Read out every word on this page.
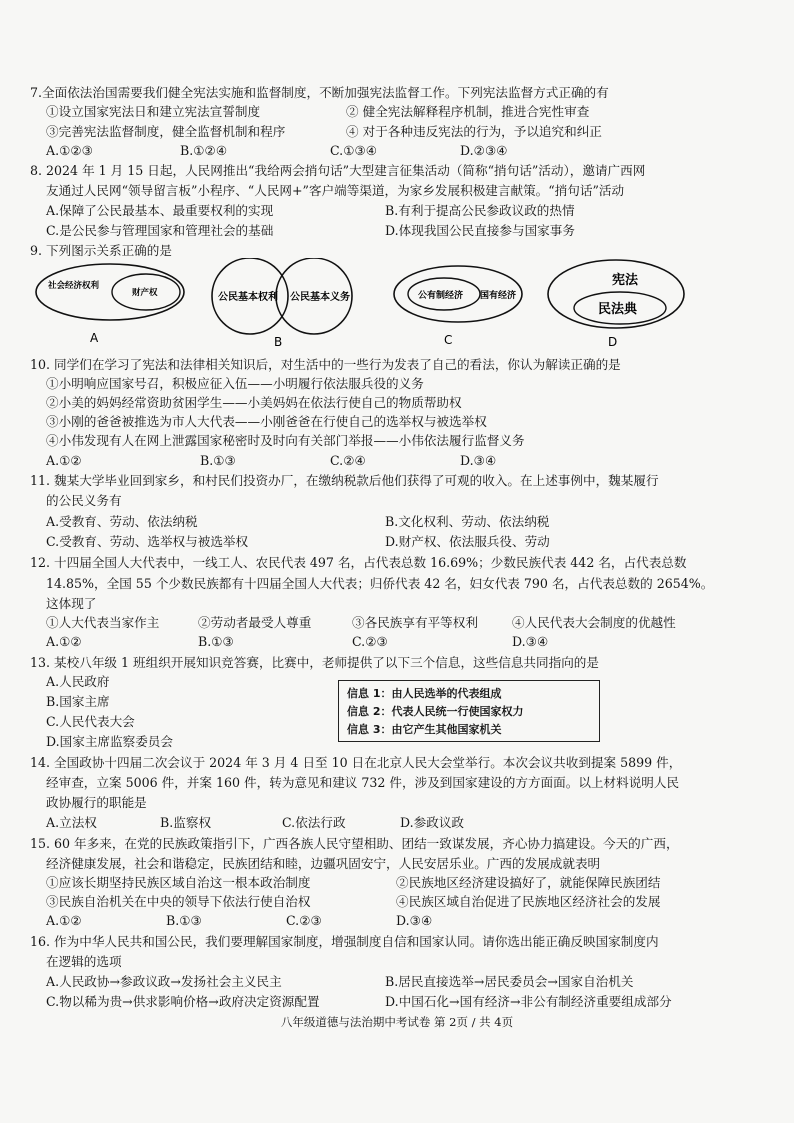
7.全面依法治国需要我们健全宪法实施和监督制度，不断加强宪法监督工作。下列宪法监督方式正确的有
①设立国家宪法日和建立宪法宣誓制度	② 健全宪法解释程序机制，推进合宪性审查
③完善宪法监督制度，健全监督机制和程序	④ 对于各种违反宪法的行为，予以追究和纠正
A.①②③	B.①②④	C.①③④	D.②③④
8. 2024 年 1 月 15 日起，人民网推出“我给两会捎句话”大型建言征集活动（简称“捎句话”活动），邀请广西网
友通过人民网“领导留言板”小程序、“人民网+”客户端等渠道，为家乡发展积极建言献策。“捎句话”活动
A.保障了公民最基本、最重要权利的实现	B.有利于提高公民参政议政的热情
C.是公民参与管理国家和管理社会的基础	D.体现我国公民直接参与国家事务
9. 下列图示关系正确的是
社会经济权利
财产权
A
公民基本权利 公民基本义务
B
公有制经济 国有经济
C
宪法
民法典
D
10. 同学们在学习了宪法和法律相关知识后，对生活中的一些行为发表了自己的看法，你认为解读正确的是
①小明响应国家号召，积极应征入伍——小明履行依法服兵役的义务
②小美的妈妈经常资助贫困学生——小美妈妈在依法行使自己的物质帮助权
③小刚的爸爸被推选为市人大代表——小刚爸爸在行使自己的选举权与被选举权
④小伟发现有人在网上泄露国家秘密时及时向有关部门举报——小伟依法履行监督义务
A.①②	B.①③	C.②④	D.③④
11. 魏某大学毕业回到家乡，和村民们投资办厂，在缴纳税款后他们获得了可观的收入。在上述事例中，魏某履行
的公民义务有
A.受教育、劳动、依法纳税	B.文化权利、劳动、依法纳税
C.受教育、劳动、选举权与被选举权	D.财产权、依法服兵役、劳动
12. 十四届全国人大代表中，一线工人、农民代表 497 名，占代表总数 16.69%；少数民族代表 442 名，占代表总数
14.85%，全国 55 个少数民族都有十四届全国人大代表；归侨代表 42 名，妇女代表 790 名，占代表总数的 2654%。
这体现了
①人大代表当家作主	②劳动者最受人尊重	③各民族享有平等权利	④人民代表大会制度的优越性
A.①②	B.①③	C.②③	D.③④
13. 某校八年级 1 班组织开展知识竞答赛，比赛中，老师提供了以下三个信息，这些信息共同指向的是
A.人民政府
B.国家主席
C.人民代表大会
D.国家主席监察委员会
信息 1：由人民选举的代表组成
信息 2：代表人民统一行使国家权力
信息 3：由它产生其他国家机关
14. 全国政协十四届二次会议于 2024 年 3 月 4 日至 10 日在北京人民大会堂举行。本次会议共收到提案 5899 件，
经审查，立案 5006 件，并案 160 件，转为意见和建议 732 件，涉及到国家建设的方方面面。以上材料说明人民
政协履行的职能是
A.立法权	B.监察权	C.依法行政	D.参政议政
15. 60 年多来，在党的民族政策指引下，广西各族人民守望相助、团结一致谋发展，齐心协力搞建设。今天的广西，
经济健康发展，社会和谐稳定，民族团结和睦，边疆巩固安宁，人民安居乐业。广西的发展成就表明
①应该长期坚持民族区域自治这一根本政治制度	②民族地区经济建设搞好了，就能保障民族团结
③民族自治机关在中央的领导下依法行使自治权	④民族区域自治促进了民族地区经济社会的发展
A.①②	B.①③	C.②③	D.③④
16. 作为中华人民共和国公民，我们要理解国家制度，增强制度自信和国家认同。请你选出能正确反映国家制度内
在逻辑的选项
A.人民政协→参政议政→发扬社会主义民主	B.居民直接选举→居民委员会→国家自治机关
C.物以稀为贵→供求影响价格→政府决定资源配置	D.中国石化→国有经济→非公有制经济重要组成部分
八年级道德与法治期中考试卷 第 2页 / 共 4页
